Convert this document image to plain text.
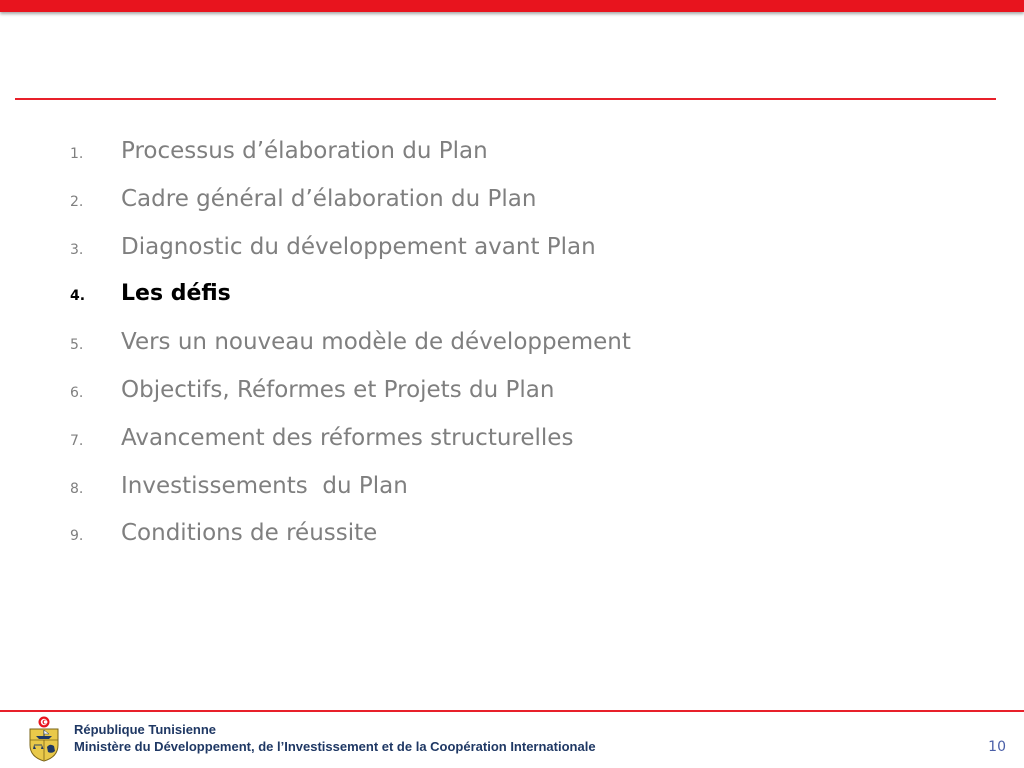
1.	Processus d’élaboration du Plan
2.	Cadre général d’élaboration du Plan
3.	Diagnostic du développement avant Plan
4.	Les défis
5.	Vers un nouveau modèle de développement
6.	Objectifs, Réformes et Projets du Plan
7.	Avancement des réformes structurelles
8.	Investissements  du Plan
9.	Conditions de réussite
République Tunisienne
Ministère du Développement, de l’Investissement et de la Coopération Internationale	10
